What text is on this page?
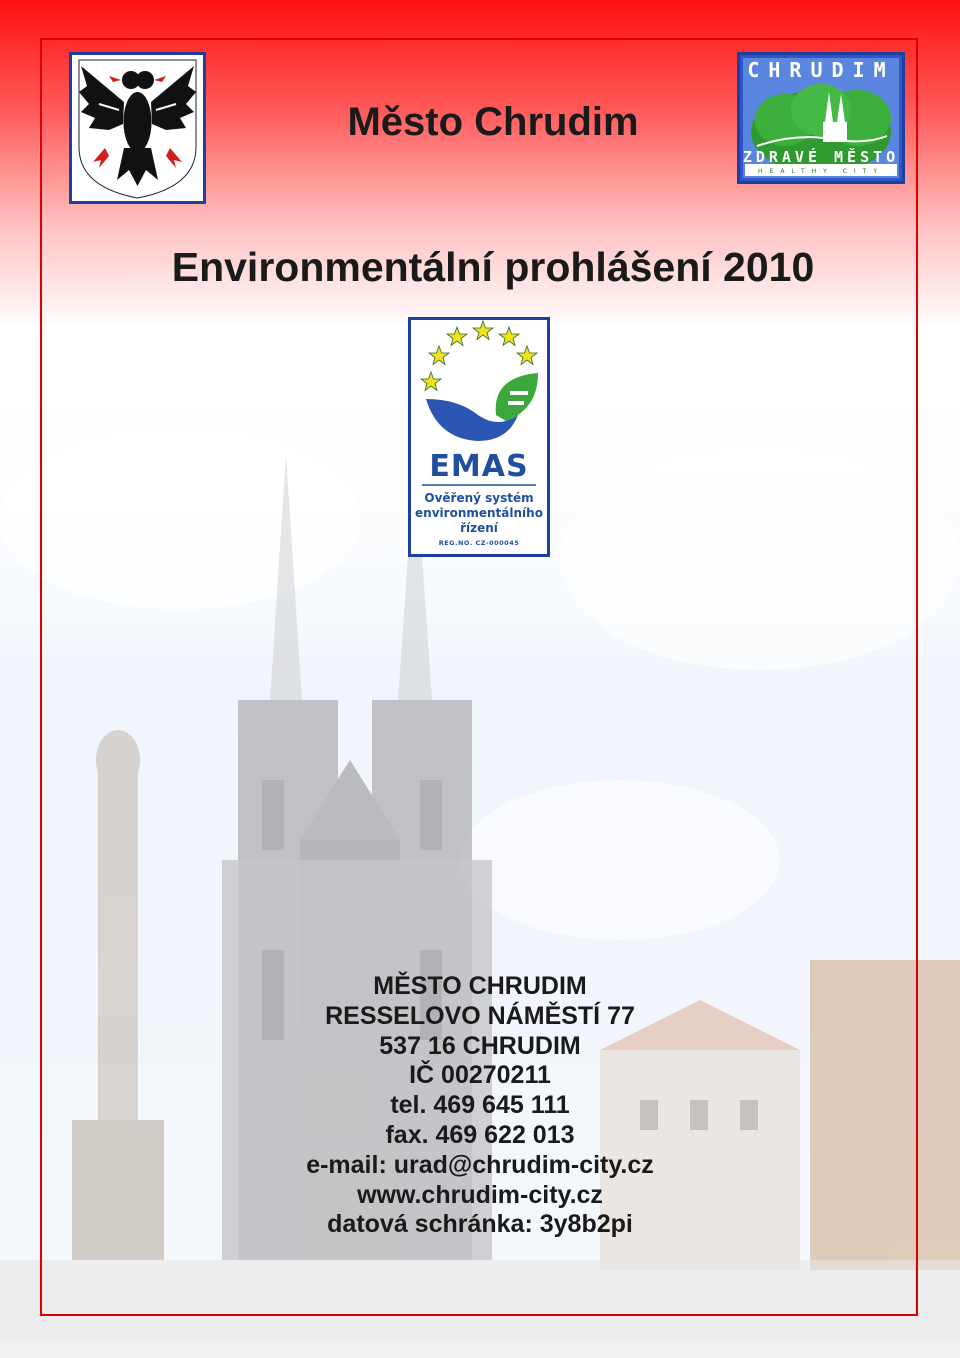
CHRUDIM
ZDRAVÉ MĚSTO
HEALTHY CITY
Město Chrudim
Environmentální prohlášení 2010
EMAS
Ověřený systém
environmentálního
řízení
REG.NO. CZ-000045
MĚSTO CHRUDIM
RESSELOVO NÁMĚSTÍ 77
537 16 CHRUDIM
IČ 00270211
tel. 469 645 111
fax. 469 622 013
e-mail: urad@chrudim-city.cz
www.chrudim-city.cz
datová schránka: 3y8b2pi
